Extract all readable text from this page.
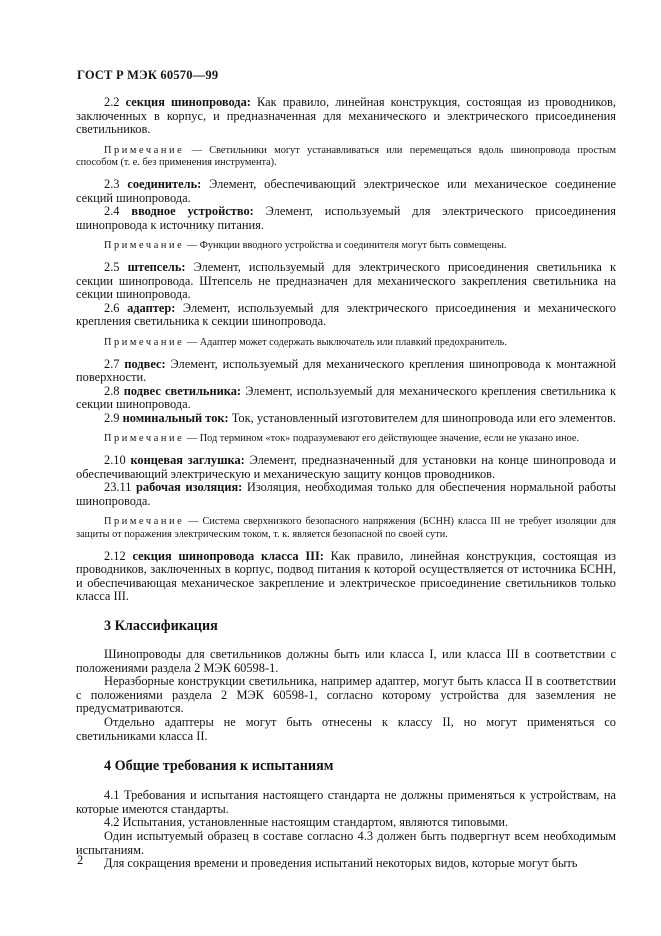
ГОСТ Р МЭК 60570—99

2.2 секция шинопровода: Как правило, линейная конструкция, состоящая из проводников, заключенных в корпус, и предназначенная для механического и электрического присоединения светильников.

Примечание — Светильники могут устанавливаться или перемещаться вдоль шинопровода простым способом (т. е. без применения инструмента).

2.3 соединитель: Элемент, обеспечивающий электрическое или механическое соединение секций шинопровода.

2.4 вводное устройство: Элемент, используемый для электрического присоединения шинопровода к источнику питания.

Примечание — Функции вводного устройства и соединителя могут быть совмещены.

2.5 штепсель: Элемент, используемый для электрического присоединения светильника к секции шинопровода. Штепсель не предназначен для механического закрепления светильника на секции шинопровода.

2.6 адаптер: Элемент, используемый для электрического присоединения и механического крепления светильника к секции шинопровода.

Примечание — Адаптер может содержать выключатель или плавкий предохранитель.

2.7 подвес: Элемент, используемый для механического крепления шинопровода к монтажной поверхности.

2.8 подвес светильника: Элемент, используемый для механического крепления светильника к секции шинопровода.

2.9 номинальный ток: Ток, установленный изготовителем для шинопровода или его элементов.

Примечание — Под термином «ток» подразумевают его действующее значение, если не указано иное.

2.10 концевая заглушка: Элемент, предназначенный для установки на конце шинопровода и обеспечивающий электрическую и механическую защиту концов проводников.

23.11 рабочая изоляция: Изоляция, необходимая только для обеспечения нормальной работы шинопровода.

Примечание — Система сверхнизкого безопасного напряжения (БСНН) класса III не требует изоляции для защиты от поражения электрическим током, т. к. является безопасной по своей сути.

2.12 секция шинопровода класса III: Как правило, линейная конструкция, состоящая из проводников, заключенных в корпус, подвод питания к которой осуществляется от источника БСНН, и обеспечивающая механическое закрепление и электрическое присоединение светильников только класса III.

3 Классификация

Шинопроводы для светильников должны быть или класса I, или класса III в соответствии с положениями раздела 2 МЭК 60598-1.

Неразборные конструкции светильника, например адаптер, могут быть класса II в соответствии с положениями раздела 2 МЭК 60598-1, согласно которому устройства для заземления не предусматриваются.

Отдельно адаптеры не могут быть отнесены к классу II, но могут применяться со светильниками класса II.

4 Общие требования к испытаниям

4.1 Требования и испытания настоящего стандарта не должны применяться к устройствам, на которые имеются стандарты.

4.2 Испытания, установленные настоящим стандартом, являются типовыми.

Один испытуемый образец в составе согласно 4.3 должен быть подвергнут всем необходимым испытаниям.

Для сокращения времени и проведения испытаний некоторых видов, которые могут быть

2
